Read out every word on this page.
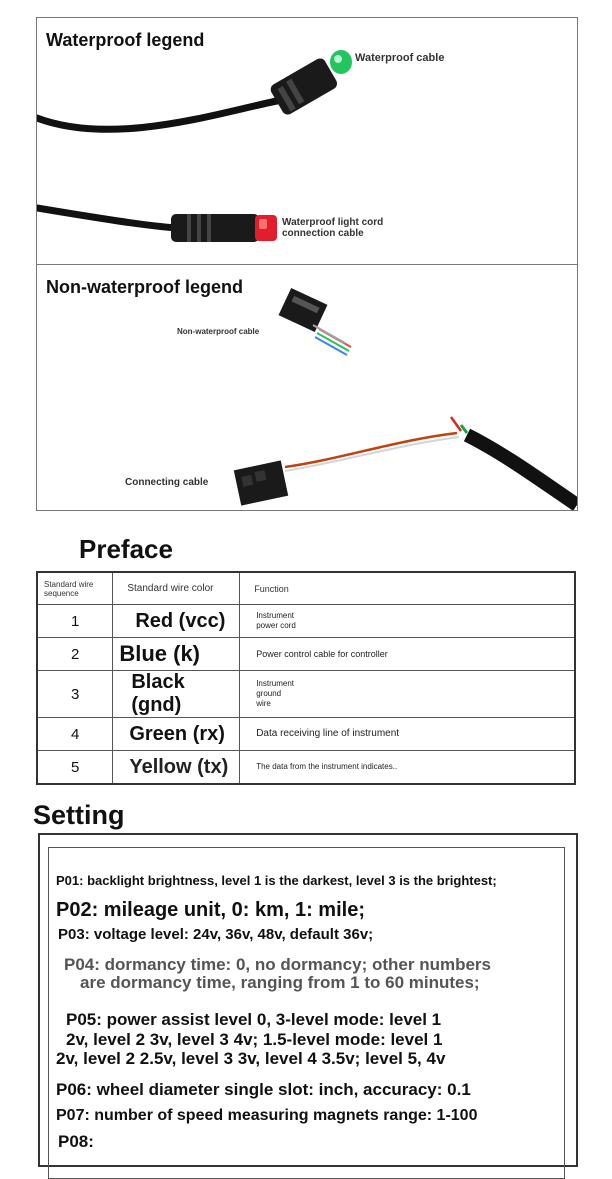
Waterproof legend
Waterproof cable
Waterproof light cord
connection cable
Non-waterproof legend
Non-waterproof cable
Connecting cable
Preface
Standard wire sequence	Standard wire color	Function
1	Red (vcc)	Instrument power cord
2	Blue (k)	Power control cable for controller
3	Black (gnd)	Instrument ground wire
4	Green (rx)	Data receiving line of instrument
5	Yellow (tx)	The data from the instrument indicates..
Setting
P01: backlight brightness, level 1 is the darkest, level 3 is the brightest;
P02: mileage unit, 0: km, 1: mile;
P03: voltage level: 24v, 36v, 48v, default 36v;
P04: dormancy time: 0, no dormancy; other numbers
are dormancy time, ranging from 1 to 60 minutes;
P05: power assist level 0, 3-level mode: level 1
2v, level 2 3v, level 3 4v; 1.5-level mode: level 1
2v, level 2 2.5v, level 3 3v, level 4 3.5v; level 5, 4v
P06: wheel diameter single slot: inch, accuracy: 0.1
P07: number of speed measuring magnets range: 1-100
P08:
